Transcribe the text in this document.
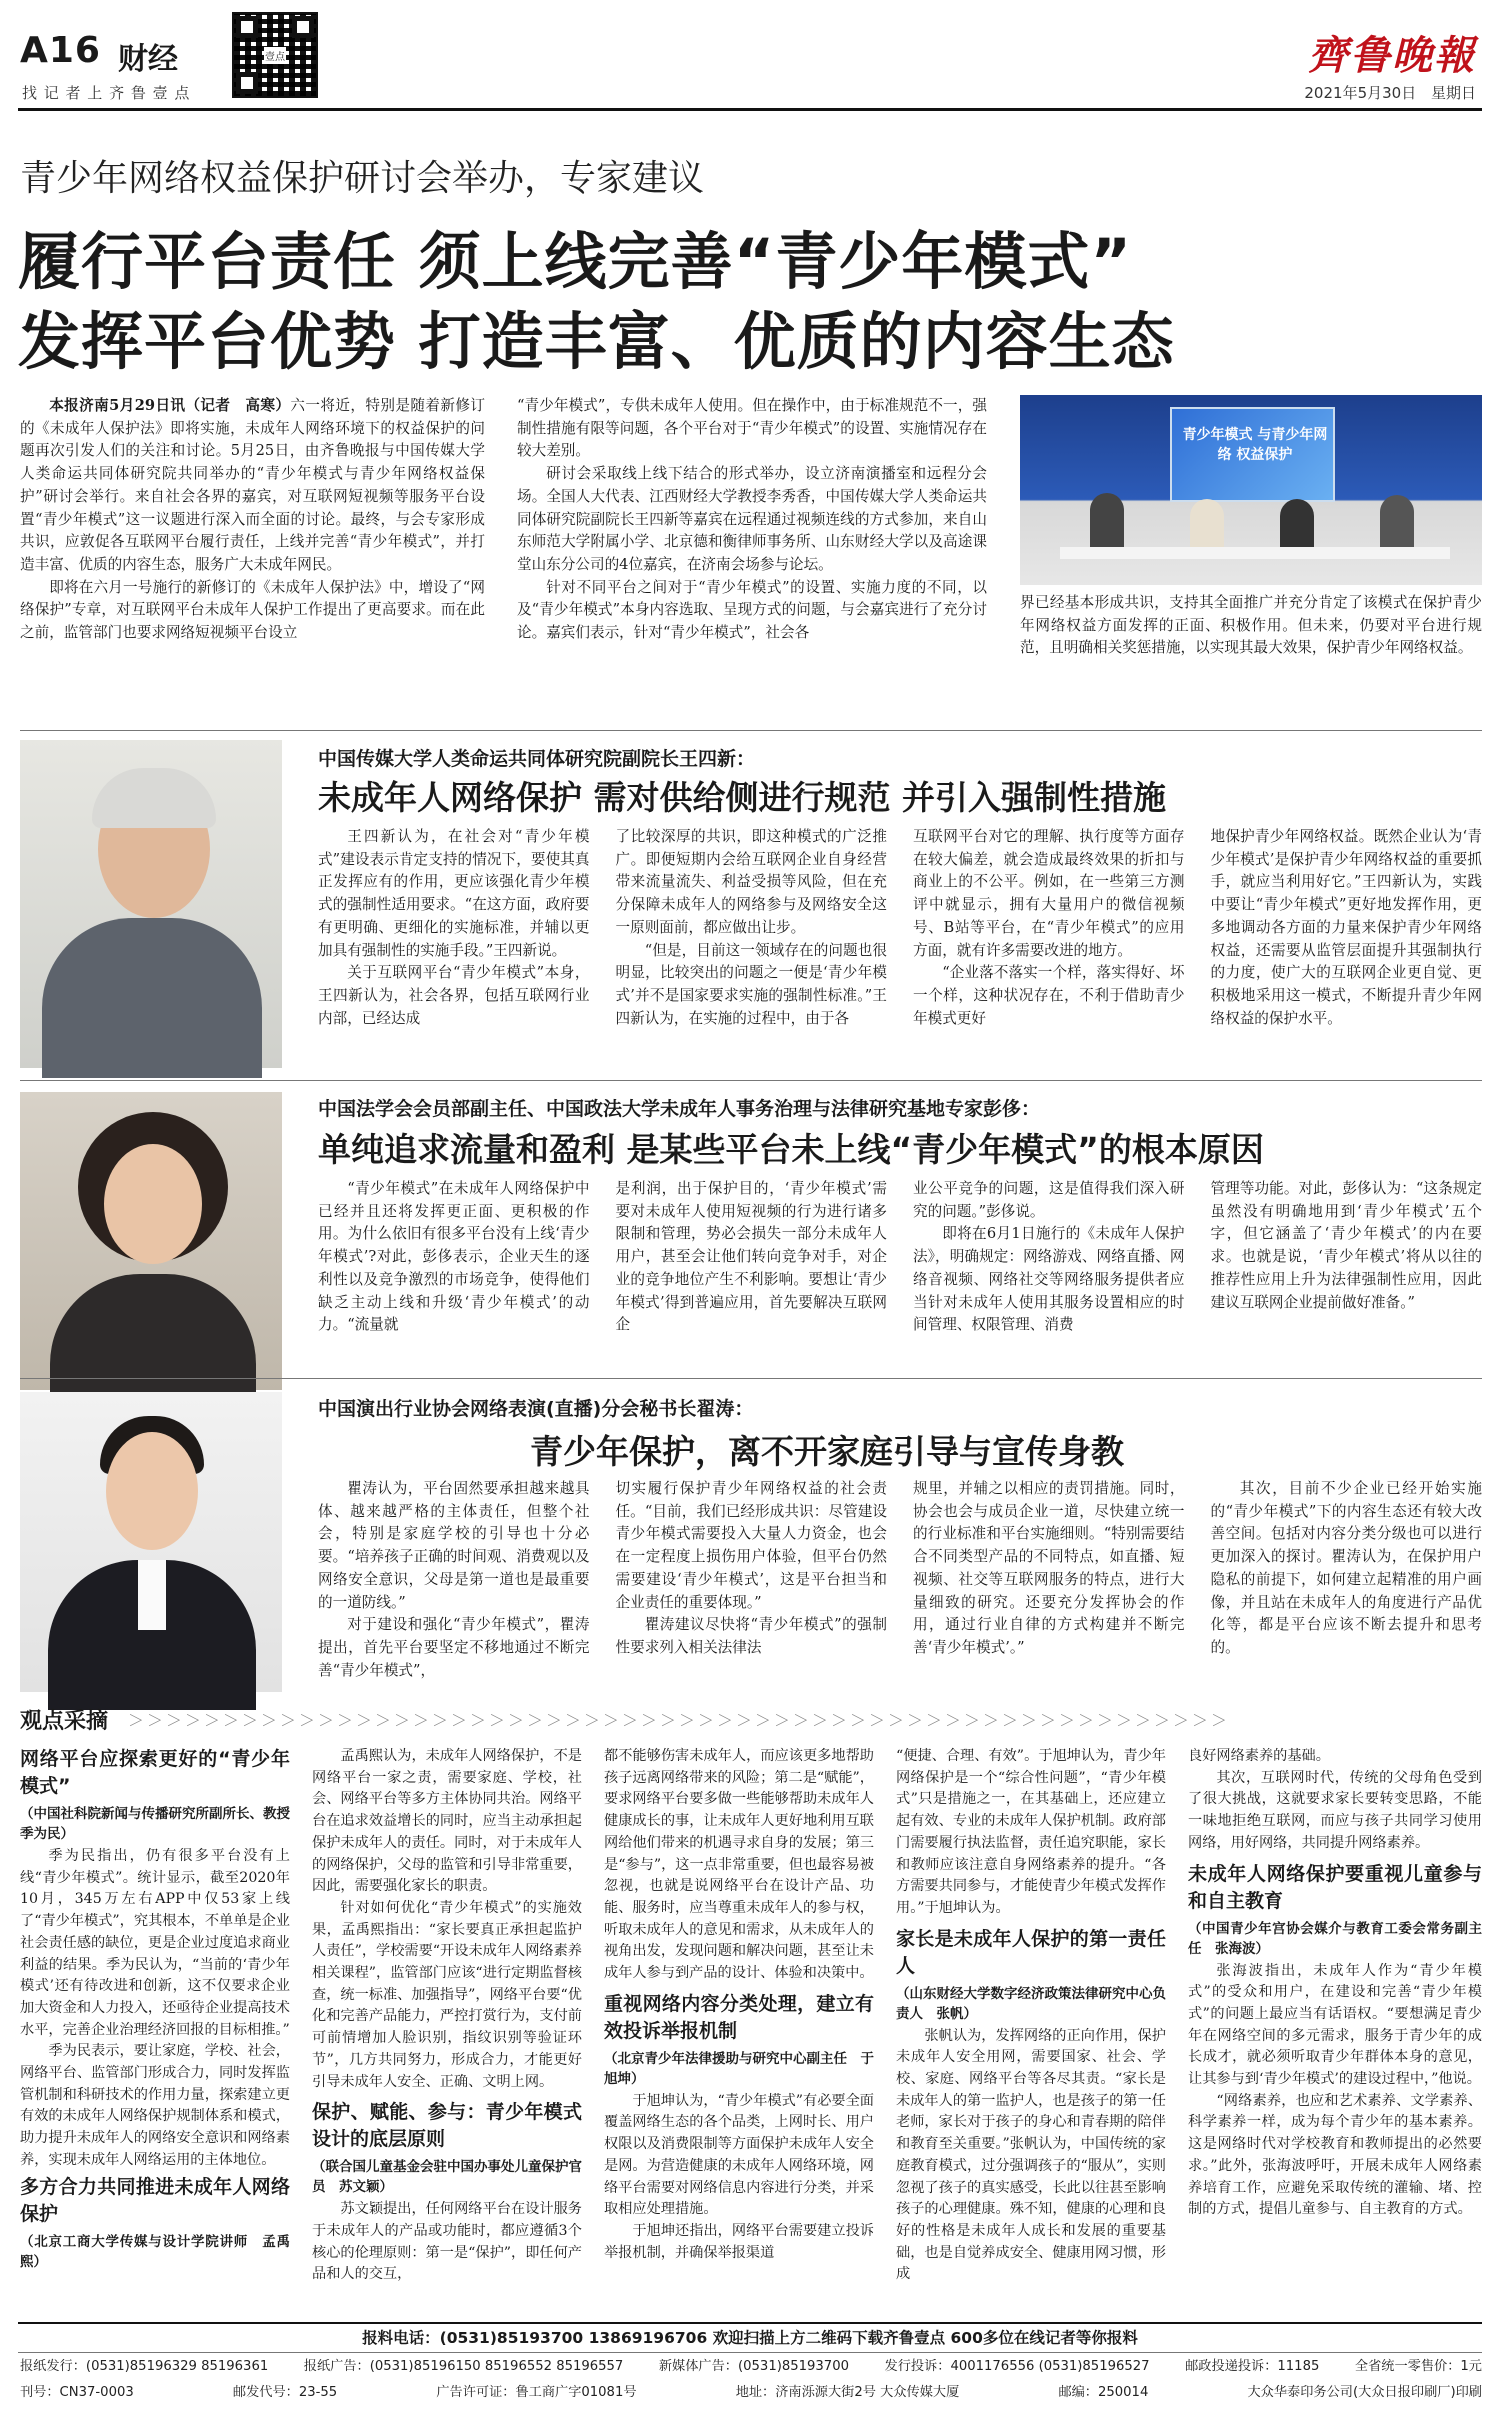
A16 财经
找 记 者 上 齐 鲁 壹 点
壹点	齊鲁晚報
2021年5月30日 星期日
青少年网络权益保护研讨会举办，专家建议
履行平台责任 须上线完善“青少年模式”
发挥平台优势 打造丰富、优质的内容生态

本报济南5月29日讯（记者　高寒）六一将近，特别是随着新修订的《未成年人保护法》即将实施，未成年人网络环境下的权益保护的问题再次引发人们的关注和讨论。5月25日，由齐鲁晚报与中国传媒大学人类命运共同体研究院共同举办的“青少年模式与青少年网络权益保护”研讨会举行。来自社会各界的嘉宾，对互联网短视频等服务平台设置“青少年模式”这一议题进行深入而全面的讨论。最终，与会专家形成共识，应敦促各互联网平台履行责任，上线并完善“青少年模式”，并打造丰富、优质的内容生态，服务广大未成年网民。

即将在六月一号施行的新修订的《未成年人保护法》中，增设了“网络保护”专章，对互联网平台未成年人保护工作提出了更高要求。而在此之前，监管部门也要求网络短视频平台设立

“青少年模式”，专供未成年人使用。但在操作中，由于标准规范不一，强制性措施有限等问题，各个平台对于“青少年模式”的设置、实施情况存在较大差别。

研讨会采取线上线下结合的形式举办，设立济南演播室和远程分会场。全国人大代表、江西财经大学教授李秀香，中国传媒大学人类命运共同体研究院副院长王四新等嘉宾在远程通过视频连线的方式参加，来自山东师范大学附属小学、北京德和衡律师事务所、山东财经大学以及高途课堂山东分公司的4位嘉宾，在济南会场参与论坛。

针对不同平台之间对于“青少年模式”的设置、实施力度的不同，以及“青少年模式”本身内容选取、呈现方式的问题，与会嘉宾进行了充分讨论。嘉宾们表示，针对“青少年模式”，社会各

青少年模式 与青少年网络 权益保护

界已经基本形成共识，支持其全面推广并充分肯定了该模式在保护青少年网络权益方面发挥的正面、积极作用。但未来，仍要对平台进行规范，且明确相关奖惩措施，以实现其最大效果，保护青少年网络权益。

中国传媒大学人类命运共同体研究院副院长王四新：
未成年人网络保护 需对供给侧进行规范 并引入强制性措施

王四新认为，在社会对“青少年模式”建设表示肯定支持的情况下，要使其真正发挥应有的作用，更应该强化青少年模式的强制性适用要求。“在这方面，政府要有更明确、更细化的实施标准，并辅以更加具有强制性的实施手段。”王四新说。

关于互联网平台“青少年模式”本身，王四新认为，社会各界，包括互联网行业内部，已经达成

了比较深厚的共识，即这种模式的广泛推广。即便短期内会给互联网企业自身经营带来流量流失、利益受损等风险，但在充分保障未成年人的网络参与及网络安全这一原则面前，都应做出让步。

“但是，目前这一领域存在的问题也很明显，比较突出的问题之一便是‘青少年模式’并不是国家要求实施的强制性标准。”王四新认为，在实施的过程中，由于各

互联网平台对它的理解、执行度等方面存在较大偏差，就会造成最终效果的折扣与商业上的不公平。例如，在一些第三方测评中就显示，拥有大量用户的微信视频号、B站等平台，在“青少年模式”的应用方面，就有许多需要改进的地方。

“企业落不落实一个样，落实得好、坏一个样，这种状况存在，不利于借助青少年模式更好

地保护青少年网络权益。既然企业认为‘青少年模式’是保护青少年网络权益的重要抓手，就应当利用好它。”王四新认为，实践中要让“青少年模式”更好地发挥作用，更多地调动各方面的力量来保护青少年网络权益，还需要从监管层面提升其强制执行的力度，使广大的互联网企业更自觉、更积极地采用这一模式，不断提升青少年网络权益的保护水平。

中国法学会会员部副主任、中国政法大学未成年人事务治理与法律研究基地专家彭侈：
单纯追求流量和盈利 是某些平台未上线“青少年模式”的根本原因

“青少年模式”在未成年人网络保护中已经并且还将发挥更正面、更积极的作用。为什么依旧有很多平台没有上线‘青少年模式’?对此，彭侈表示，企业天生的逐利性以及竞争激烈的市场竞争，使得他们缺乏主动上线和升级‘青少年模式’的动力。“流量就

是利润，出于保护目的，‘青少年模式’需要对未成年人使用短视频的行为进行诸多限制和管理，势必会损失一部分未成年人用户，甚至会让他们转向竞争对手，对企业的竞争地位产生不利影响。要想让‘青少年模式’得到普遍应用，首先要解决互联网企

业公平竞争的问题，这是值得我们深入研究的问题。”彭侈说。

即将在6月1日施行的《未成年人保护法》，明确规定：网络游戏、网络直播、网络音视频、网络社交等网络服务提供者应当针对未成年人使用其服务设置相应的时间管理、权限管理、消费

管理等功能。对此，彭侈认为：“这条规定虽然没有明确地用到‘青少年模式’五个字，但它涵盖了‘青少年模式’的内在要求。也就是说，‘青少年模式’将从以往的推荐性应用上升为法律强制性应用，因此建议互联网企业提前做好准备。”

中国演出行业协会网络表演(直播)分会秘书长翟涛：
青少年保护，离不开家庭引导与宣传身教

瞿涛认为，平台固然要承担越来越具体、越来越严格的主体责任，但整个社会，特别是家庭学校的引导也十分必要。“培养孩子正确的时间观、消费观以及网络安全意识，父母是第一道也是最重要的一道防线。”

对于建设和强化“青少年模式”，瞿涛提出，首先平台要坚定不移地通过不断完善“青少年模式”，

切实履行保护青少年网络权益的社会责任。“目前，我们已经形成共识：尽管建设青少年模式需要投入大量人力资金，也会在一定程度上损伤用户体验，但平台仍然需要建设‘青少年模式’，这是平台担当和企业责任的重要体现。”

瞿涛建议尽快将“青少年模式”的强制性要求列入相关法律法

规里，并辅之以相应的责罚措施。同时，协会也会与成员企业一道，尽快建立统一的行业标准和平台实施细则。“特别需要结合不同类型产品的不同特点，如直播、短视频、社交等互联网服务的特点，进行大量细致的研究。还要充分发挥协会的作用，通过行业自律的方式构建并不断完善‘青少年模式’。”

其次，目前不少企业已经开始实施的“青少年模式”下的内容生态还有较大改善空间。包括对内容分类分级也可以进行更加深入的探讨。瞿涛认为，在保护用户隐私的前提下，如何建立起精准的用户画像，并且站在未成年人的角度进行产品优化等，都是平台应该不断去提升和思考的。

观点采摘 ＞＞＞＞＞＞＞＞＞＞＞＞＞＞＞＞＞＞＞＞＞＞＞＞＞＞＞＞＞＞＞＞＞＞＞＞＞＞＞＞＞＞＞＞＞＞＞＞＞＞＞＞＞＞＞＞＞＞
网络平台应探索更好的“青少年模式”
（中国社科院新闻与传播研究所副所长、教授　季为民）

季为民指出，仍有很多平台没有上线“青少年模式”。统计显示，截至2020年10月，345万左右APP中仅53家上线了“青少年模式”，究其根本，不单单是企业社会责任感的缺位，更是企业过度追求商业利益的结果。季为民认为，“当前的‘青少年模式’还有待改进和创新，这不仅要求企业加大资金和人力投入，还亟待企业提高技术水平，完善企业治理经济回报的目标相推。”

季为民表示，要让家庭，学校、社会，网络平台、监管部门形成合力，同时发挥监管机制和科研技术的作用力量，探索建立更有效的未成年人网络保护规制体系和模式，助力提升未成年人的网络安全意识和网络素养，实现未成年人网络运用的主体地位。

多方合力共同推进未成年人网络保护
（北京工商大学传媒与设计学院讲师　孟禹熙）

孟禹熙认为，未成年人网络保护，不是网络平台一家之责，需要家庭、学校，社会、网络平台等多方主体协同共治。网络平台在追求效益增长的同时，应当主动承担起保护未成年人的责任。同时，对于未成年人的网络保护，父母的监管和引导非常重要，因此，需要强化家长的职责。

针对如何优化“青少年模式”的实施效果，孟禹熙指出：“家长要真正承担起监护人责任”，学校需要“开设未成年人网络素养相关课程”，监管部门应该“进行定期监督核查，统一标准、加强指导”，网络平台要“优化和完善产品能力，严控打赏行为，支付前可前情增加人脸识别，指纹识别等验证环节”，几方共同努力，形成合力，才能更好引导未成年人安全、正确、文明上网。

保护、赋能、参与：青少年模式设计的底层原则
（联合国儿童基金会驻中国办事处儿童保护官员　苏文颖）

苏文颖提出，任何网络平台在设计服务于未成年人的产品或功能时，都应遵循3个核心的伦理原则：第一是“保护”，即任何产品和人的交互，

都不能够伤害未成年人，而应该更多地帮助孩子远离网络带来的风险；第二是“赋能”，要求网络平台要多做一些能够帮助未成年人健康成长的事，让未成年人更好地利用互联网给他们带来的机遇寻求自身的发展；第三是“参与”，这一点非常重要，但也最容易被忽视，也就是说网络平台在设计产品、功能、服务时，应当尊重未成年人的参与权，听取未成年人的意见和需求，从未成年人的视角出发，发现问题和解决问题，甚至让未成年人参与到产品的设计、体验和决策中。

重视网络内容分类处理，建立有效投诉举报机制
（北京青少年法律援助与研究中心副主任　于旭坤）

于旭坤认为，“青少年模式”有必要全面覆盖网络生态的各个品类，上网时长、用户权限以及消费限制等方面保护未成年人安全是网。为营造健康的未成年人网络环境，网络平台需要对网络信息内容进行分类，并采取相应处理措施。

于旭坤还指出，网络平台需要建立投诉举报机制，并确保举报渠道

“便捷、合理、有效”。于旭坤认为，青少年网络保护是一个“综合性问题”，“青少年模式”只是措施之一，在其基础上，还应建立起有效、专业的未成年人保护机制。政府部门需要履行执法监督，责任追究职能，家长和教师应该注意自身网络素养的提升。“各方需要共同参与，才能使青少年模式发挥作用。”于旭坤认为。

家长是未成年人保护的第一责任人
（山东财经大学数字经济政策法律研究中心负责人　张帆）

张帆认为，发挥网络的正向作用，保护未成年人安全用网，需要国家、社会、学校、家庭、网络平台等各尽其责。“家长是未成年人的第一监护人，也是孩子的第一任老师，家长对于孩子的身心和青春期的陪伴和教育至关重要。”张帆认为，中国传统的家庭教育模式，过分强调孩子的“服从”，实则忽视了孩子的真实感受，长此以往甚至影响孩子的心理健康。殊不知，健康的心理和良好的性格是未成年人成长和发展的重要基础，也是自觉养成安全、健康用网习惯，形成

良好网络素养的基础。

其次，互联网时代，传统的父母角色受到了很大挑战，这就要求家长要转变思路，不能一味地拒绝互联网，而应与孩子共同学习使用网络，用好网络，共同提升网络素养。

未成年人网络保护要重视儿童参与和自主教育
（中国青少年宫协会媒介与教育工委会常务副主任　张海波）

张海波指出，未成年人作为“青少年模式”的受众和用户，在建设和完善“青少年模式”的问题上最应当有话语权。“要想满足青少年在网络空间的多元需求，服务于青少年的成长成才，就必须听取青少年群体本身的意见，让其参与到‘青少年模式’的建设过程中，”他说。

“网络素养，也应和艺术素养、文学素养、科学素养一样，成为每个青少年的基本素养。这是网络时代对学校教育和教师提出的必然要求。”此外，张海波呼吁，开展未成年人网络素养培育工作，应避免采取传统的灌输、堵、控制的方式，提倡儿童参与、自主教育的方式。

报料电话：(0531)85193700 13869196706 欢迎扫描上方二维码下载齐鲁壹点 600多位在线记者等你报料
报纸发行：(0531)85196329 85196361	报纸广告：(0531)85196150 85196552 85196557	新媒体广告：(0531)85193700	发行投诉：4001176556 (0531)85196527	邮政投递投诉：11185	全省统一零售价：1元
刊号：CN37-0003	邮发代号：23-55	广告许可证：鲁工商广字01081号	地址：济南泺源大街2号 大众传媒大厦	邮编：250014	大众华泰印务公司(大众日报印刷厂)印刷
